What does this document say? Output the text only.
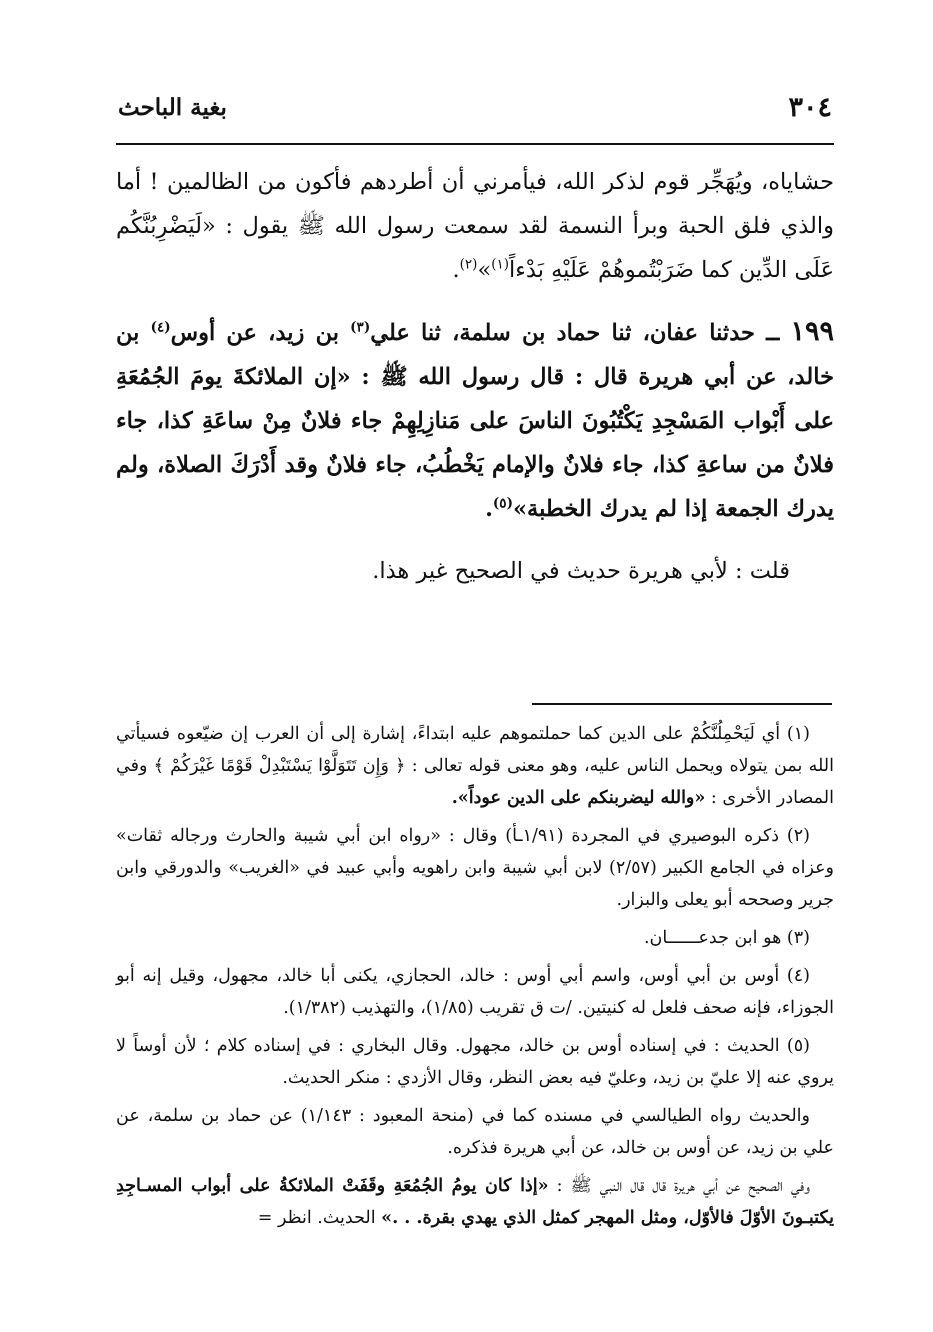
٣٠٤
بغية الباحث

حشاياه، ويُهَجِّر قوم لذكر الله، فيأمرني أن أطردهم فأكون من الظالمين ! أما والذي فلق الحبة وبرأ النسمة لقد سمعت رسول الله ﷺ يقول : «لَيَضْرِبُنَّكُم عَلَى الدِّين كما ضَرَبْتُموهُمْ عَلَيْهِ بَدْءاً$^{(١)}$»$^{(٢)}$.

١٩٩ ــ حدثنا عفان، ثنا حماد بن سلمة، ثنا علي$^{(٣)}$ بن زيد، عن أوس$^{(٤)}$ بن خالد، عن أبي هريرة قال : قال رسول الله ﷺ : «إن الملائكةَ يومَ الجُمُعَةِ على أَبْواب المَسْجِدِ يَكْتُبُونَ الناسَ على مَنازِلِهِمْ جاء فلانٌ مِنْ ساعَةِ كذا، جاء فلانٌ من ساعةِ كذا، جاء فلانٌ والإمام يَخْطُبُ، جاء فلانٌ وقد أَدْرَكَ الصلاة، ولم يدرك الجمعة إذا لم يدرك الخطبة»$^{(٥)}$.

قلت : لأبي هريرة حديث في الصحيح غير هذا.

(١) أي لَيَحْمِلُنَّكُمْ على الدين كما حملتموهم عليه ابتداءً، إشارة إلى أن العرب إن ضيّعوه فسيأتي الله بمن يتولاه ويحمل الناس عليه، وهو معنى قوله تعالى : ﴿ وَإِن تَتَوَلَّوْا يَسْتَبْدِلْ قَوْمًا غَيْرَكُمْ ﴾ وفي المصادر الأخرى : «والله ليضربنكم على الدين عوداً».

(٢) ذكره البوصيري في المجردة (١/٩١ـأ) وقال : «رواه ابن أبي شيبة والحارث ورجاله ثقات» وعزاه في الجامع الكبير (٢/٥٧) لابن أبي شيبة وابن راهويه وأبي عبيد في «الغريب» والدورقي وابن جرير وصححه أبو يعلى والبزار.

(٣) هو ابن جدعــــــان.

(٤) أوس بن أبي أوس، واسم أبي أوس : خالد، الحجازي، يكنى أبا خالد، مجهول، وقيل إنه أبو الجوزاء، فإنه صحف فلعل له كنيتين. /ت ق تقريب (١/٨٥)، والتهذيب (١/٣٨٢).

(٥) الحديث : في إسناده أوس بن خالد، مجهول. وقال البخاري : في إسناده كلام ؛ لأن أوساً لا يروي عنه إلا عليّ بن زيد، وعليّ فيه بعض النظر، وقال الأزدي : منكر الحديث.

والحديث رواه الطيالسي في مسنده كما في (منحة المعبود : ١/١٤٣) عن حماد بن سلمة، عن علي بن زيد، عن أوس بن خالد، عن أبي هريرة فذكره.

وفي الصحيح عن أبي هريرة قال قال النبي ﷺ : «إذا كان يومُ الجُمُعَةِ وقَفَتْ الملائكةُ على أبواب المسـاجِدِ يكتبـونَ الأوّلَ فالأوّل، ومثل المهجر كمثل الذي يهدي بقرة. . .» الحديث. انظر =
